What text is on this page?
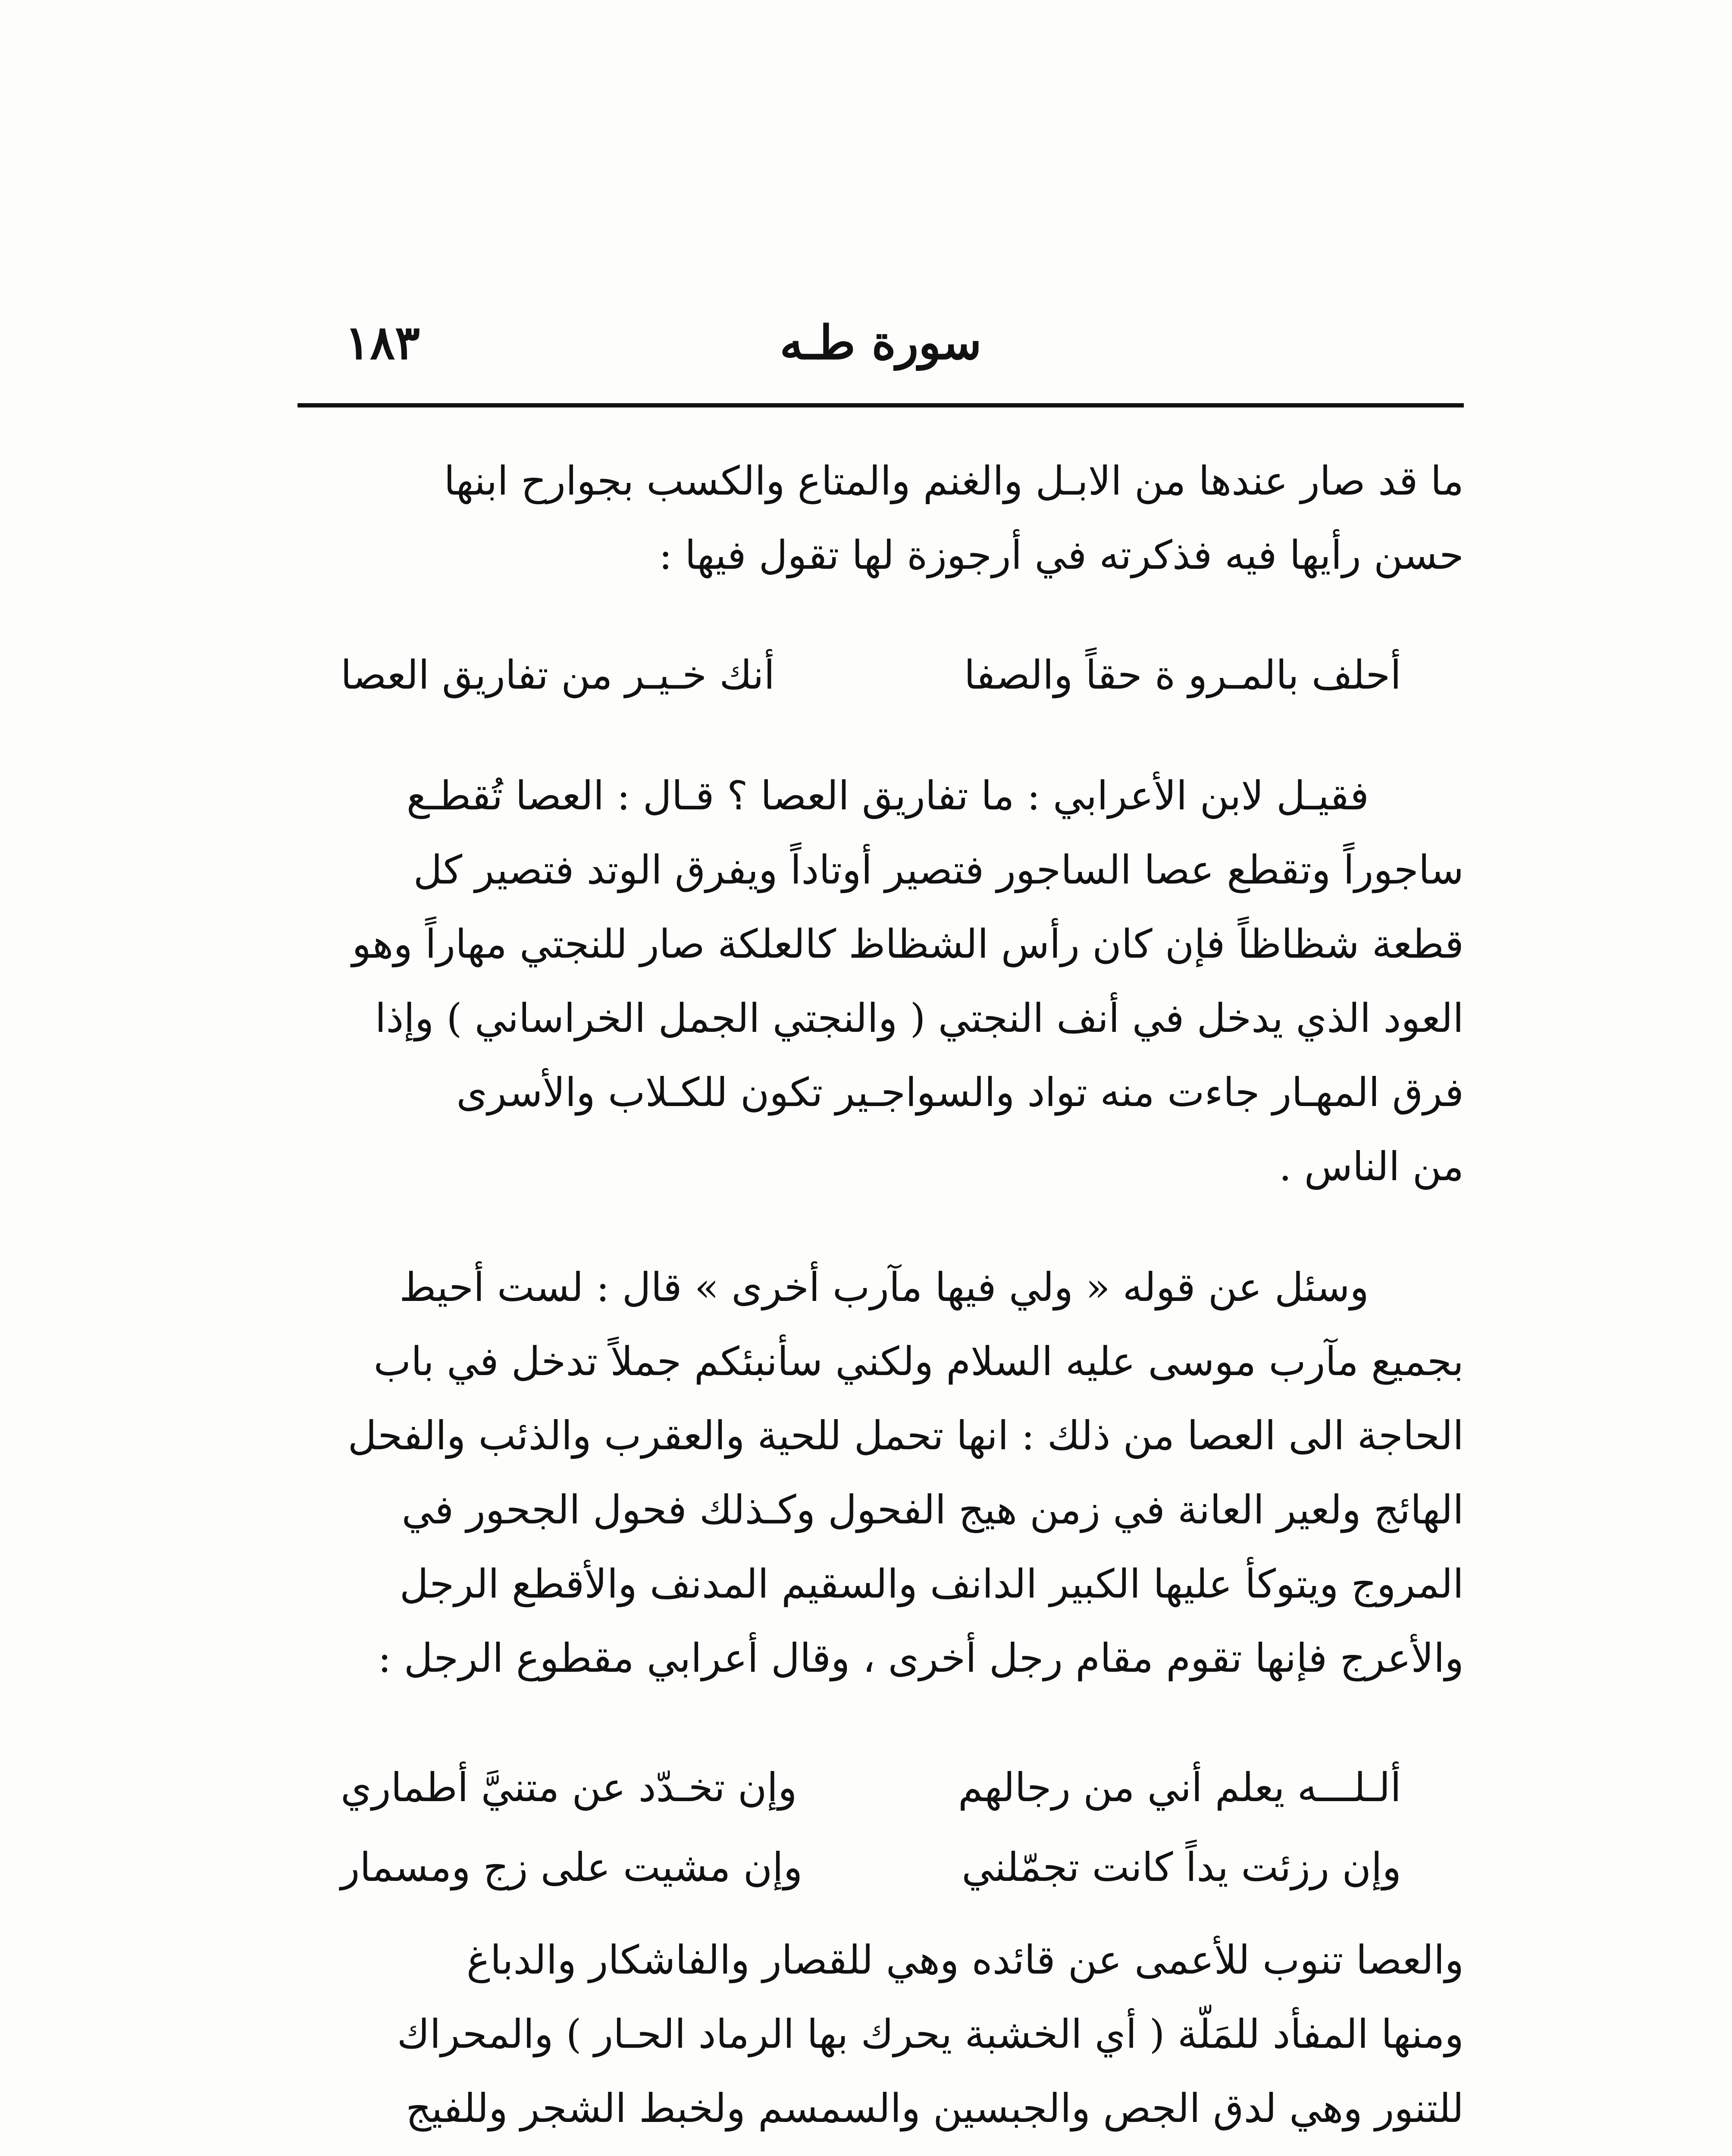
سورة طـه
١٨٣

ما قد صار عندها من الابـل والغنم والمتاع والكسب بجوارح ابنها

حسن رأيها فيه فذكرته في أرجوزة لها تقول فيها :

أحلف بالمـرو ة حقاً والصفا
أنك خـيـر من تفاريق العصا

فقيـل لابن الأعرابي : ما تفاريق العصا ؟ قـال : العصا تُقطـع

ساجوراً وتقطع عصا الساجور فتصير أوتاداً ويفرق الوتد فتصير كل

قطعة شظاظاً فإن كان رأس الشظاظ كالعلكة صار للنجتي مهاراً وهو

العود الذي يدخل في أنف النجتي ( والنجتي الجمل الخراساني ) وإذا

فرق المهـار جاءت منه تواد والسواجـير تكون للكـلاب والأسرى

من الناس .

وسئل عن قوله « ولي فيها مآرب أخرى » قال : لست أحيط

بجميع مآرب موسى عليه السلام ولكني سأنبئكم جملاً تدخل في باب

الحاجة الى العصا من ذلك : انها تحمل للحية والعقرب والذئب والفحل

الهائج ولعير العانة في زمن هيج الفحول وكـذلك فحول الجحور في

المروج ويتوكأ عليها الكبير الدانف والسقيم المدنف والأقطع الرجل

والأعرج فإنها تقوم مقام رجل أخرى ، وقال أعرابي مقطوع الرجل :

ألـلـــه يعلم أني من رجالهم
وإن تخـدّد عن متنيَّ أطماري
وإن رزئت يداً كانت تجمّلني
وإن مشيت على زج ومسمار

والعصا تنوب للأعمى عن قائده وهي للقصار والفاشكار والدباغ

ومنها المفأد للمَلّة ( أي الخشبة يحرك بها الرماد الحـار ) والمحراك

للتنور وهي لدق الجص والجبسين والسمسم ولخبط الشجر وللفيج
